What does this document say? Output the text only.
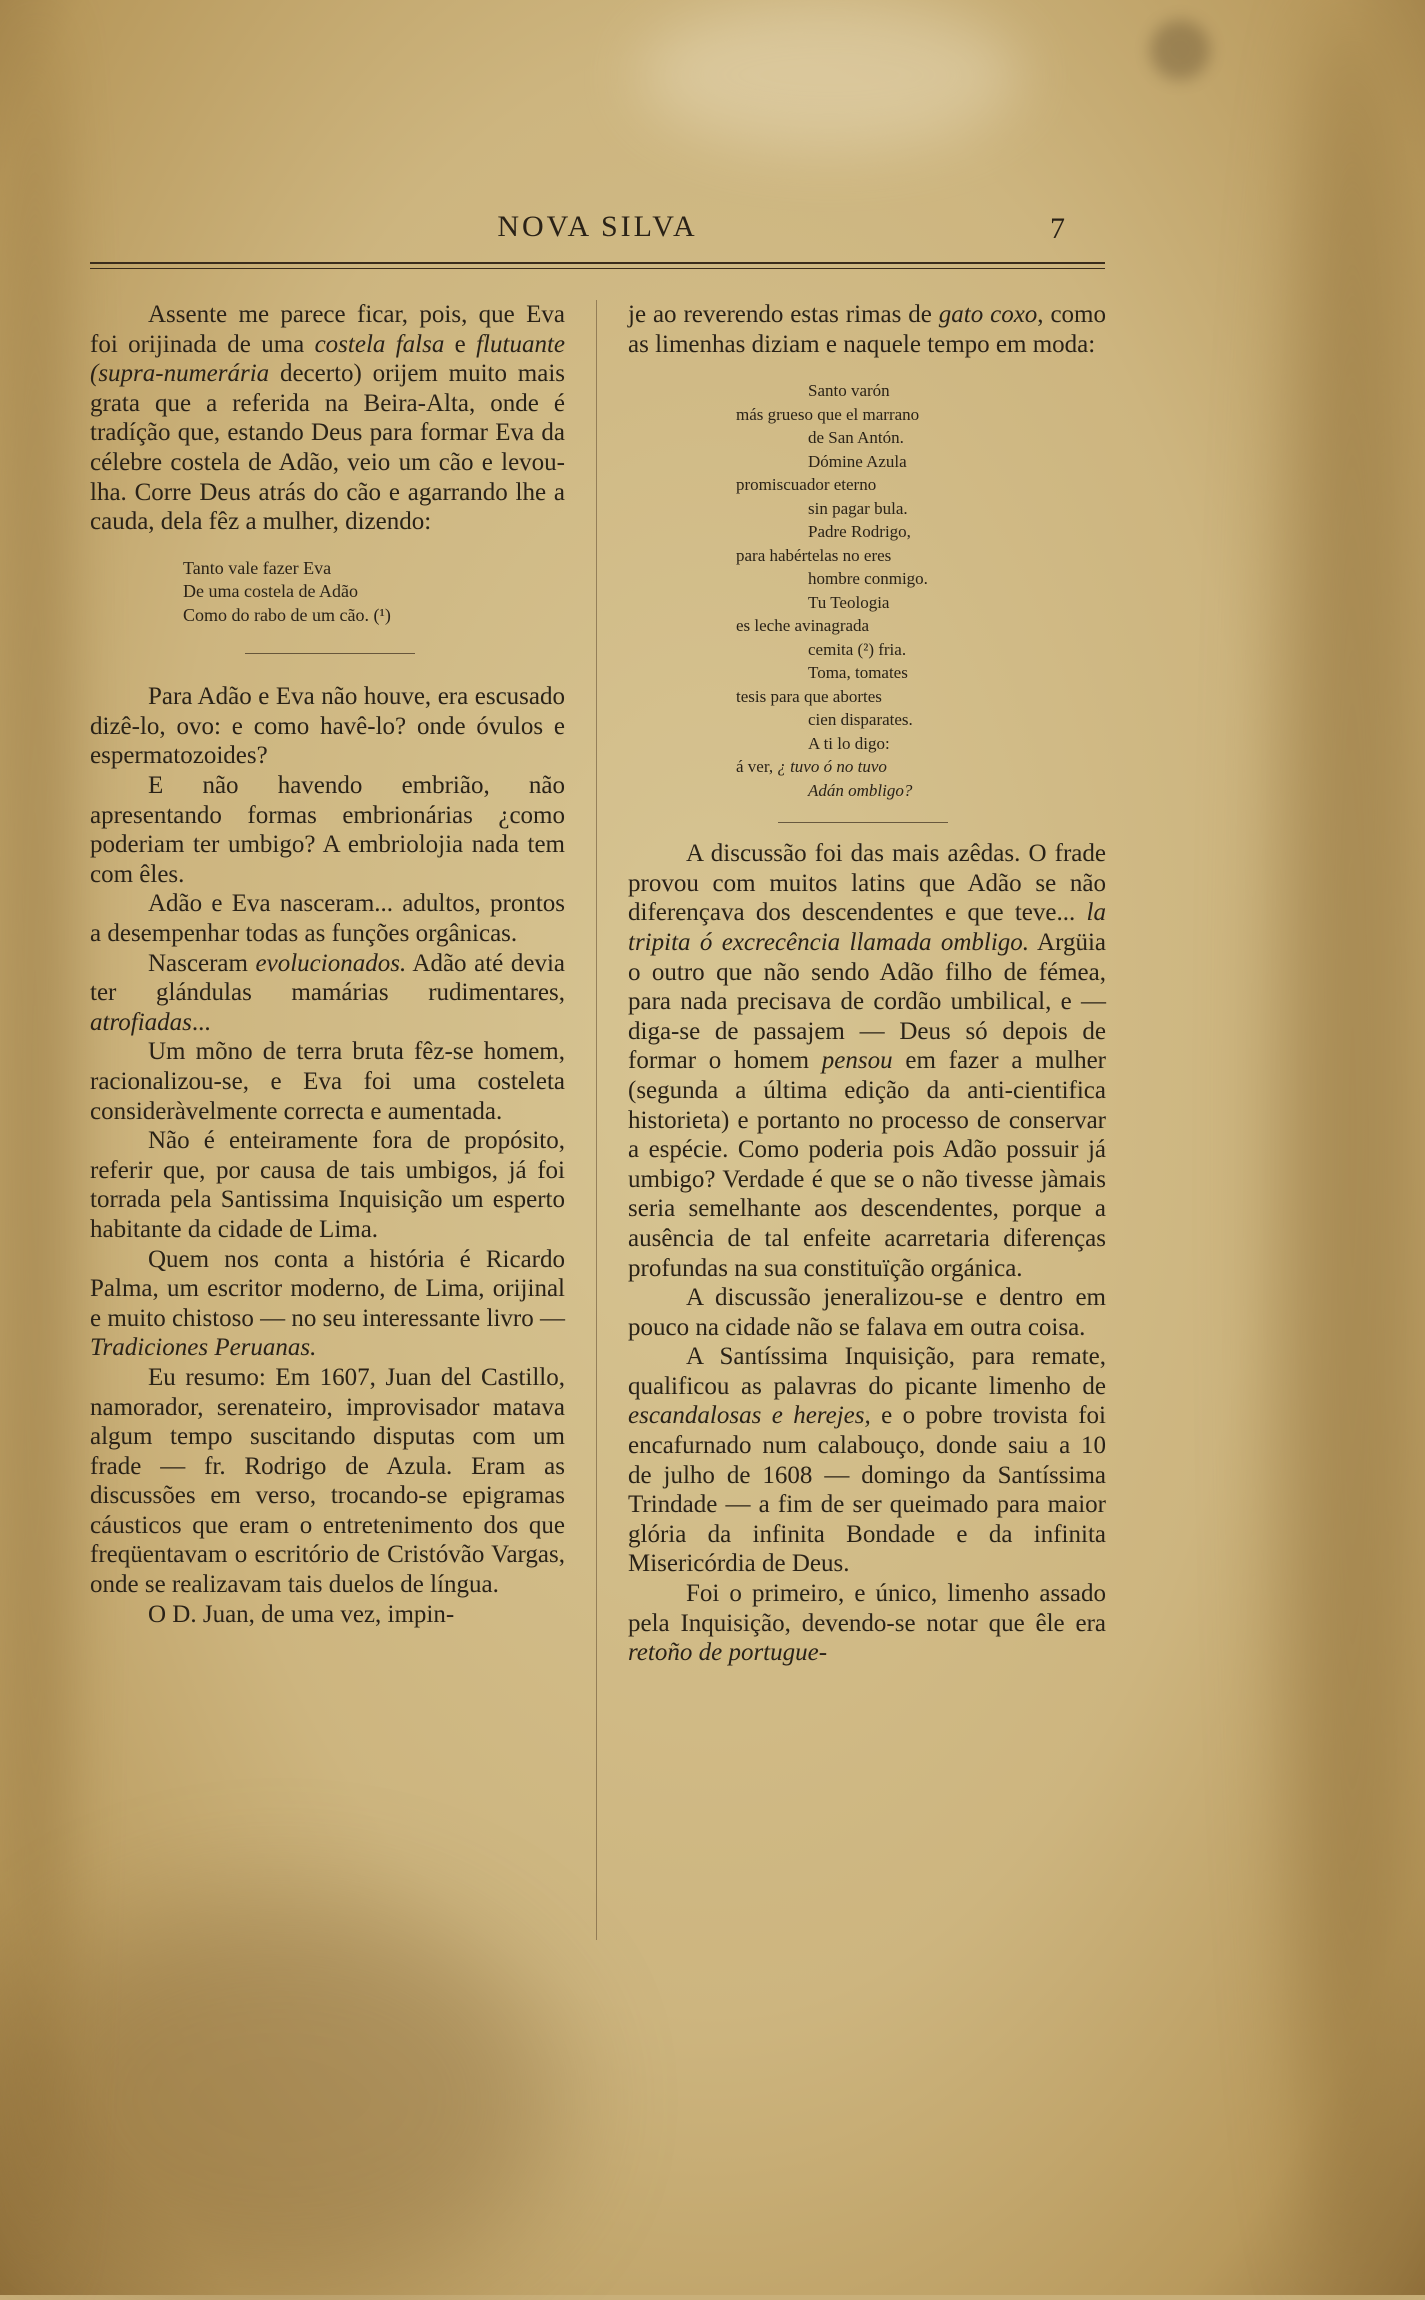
NOVA SILVA	7

Assente me parece ficar, pois, que Eva foi orijinada de uma costela falsa e flutuante (supra-numerária decerto) orijem muito mais grata que a referida na Beira-Alta, onde é tradíção que, estando Deus para formar Eva da célebre costela de Adão, veio um cão e levou-lha. Corre Deus atrás do cão e agarrando lhe a cauda, dela fêz a mulher, dizendo:

Tanto vale fazer Eva
De uma costela de Adão
Como do rabo de um cão. (¹)

Para Adão e Eva não houve, era escusado dizê-lo, ovo: e como havê-lo? onde óvulos e espermatozoides?

E não havendo embrião, não apresentando formas embrionárias ¿como poderiam ter umbigo? A embriolojia nada tem com êles.

Adão e Eva nasceram... adultos, prontos a desempenhar todas as funções orgânicas.

Nasceram evolucionados. Adão até devia ter glándulas mamárias rudimentares, atrofiadas...

Um mõno de terra bruta fêz-se homem, racionalizou-se, e Eva foi uma costeleta consideràvelmente correcta e aumentada.

Não é enteiramente fora de propósito, referir que, por causa de tais umbigos, já foi torrada pela Santissima Inquisição um esperto habitante da cidade de Lima.

Quem nos conta a história é Ricardo Palma, um escritor moderno, de Lima, orijinal e muito chistoso — no seu interessante livro — Tradiciones Peruanas.

Eu resumo: Em 1607, Juan del Castillo, namorador, serenateiro, improvisador matava algum tempo suscitando disputas com um frade — fr. Rodrigo de Azula. Eram as discussões em verso, trocando-se epigramas cáusticos que eram o entretenimento dos que freqüentavam o escritório de Cristóvão Vargas, onde se realizavam tais duelos de língua.

O D. Juan, de uma vez, impin-

je ao reverendo estas rimas de gato coxo, como as limenhas diziam e naquele tempo em moda:

Santo varón
más grueso que el marrano
de San Antón.
Dómine Azula
promiscuador eterno
sin pagar bula.
Padre Rodrigo,
para habértelas no eres
hombre conmigo.
Tu Teologia
es leche avinagrada
cemita (²) fria.
Toma, tomates
tesis para que abortes
cien disparates.
A ti lo digo:
á ver, ¿ tuvo ó no tuvo
Adán ombligo?

A discussão foi das mais azêdas. O frade provou com muitos latins que Adão se não diferençava dos descendentes e que teve... la tripita ó excrecência llamada ombligo. Argüia o outro que não sendo Adão filho de fémea, para nada precisava de cordão umbilical, e — diga-se de passajem — Deus só depois de formar o homem pensou em fazer a mulher (segunda a última edição da anti-cientifica historieta) e portanto no processo de conservar a espécie. Como poderia pois Adão possuir já umbigo? Verdade é que se o não tivesse jàmais seria semelhante aos descendentes, porque a ausência de tal enfeite acarretaria diferenças profundas na sua constituïção orgánica.

A discussão jeneralizou-se e dentro em pouco na cidade não se falava em outra coisa.

A Santíssima Inquisição, para remate, qualificou as palavras do picante limenho de escandalosas e herejes, e o pobre trovista foi encafurnado num calabouço, donde saiu a 10 de julho de 1608 — domingo da Santíssima Trindade — a fim de ser queimado para maior glória da infinita Bondade e da infinita Misericórdia de Deus.

Foi o primeiro, e único, limenho assado pela Inquisição, devendo-se notar que êle era retoño de portugue-
